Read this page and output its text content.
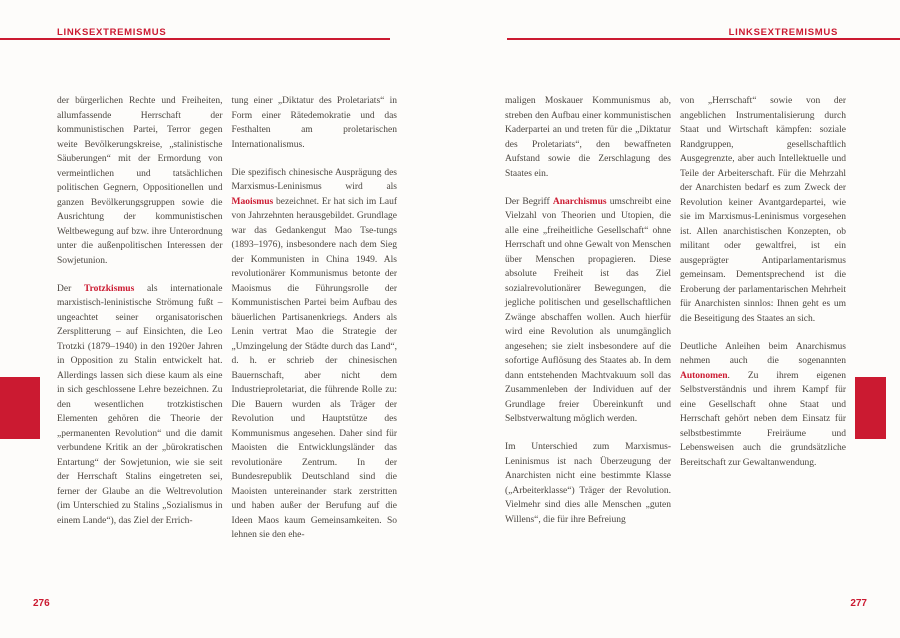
LINKSEXTREMISMUS	LINKSEXTREMISMUS

der bürgerlichen Rechte und Freiheiten, allumfassende Herrschaft der kommunistischen Partei, Terror gegen weite Bevölkerungskreise, „stalinistische Säuberungen“ mit der Ermordung von vermeintlichen und tatsächlichen politischen Gegnern, Oppositionellen und ganzen Bevölkerungsgruppen sowie die Ausrichtung der kommunistischen Weltbewegung auf bzw. ihre Unterordnung unter die außenpolitischen Interessen der Sowjetunion.

Der Trotzkismus als internationale marxistisch-leninistische Strömung fußt – ungeachtet seiner organisatorischen Zersplitterung – auf Einsichten, die Leo Trotzki (1879–1940) in den 1920er Jahren in Opposition zu Stalin entwickelt hat. Allerdings lassen sich diese kaum als eine in sich geschlossene Lehre bezeichnen. Zu den wesentlichen trotzkistischen Elementen gehören die Theorie der „permanenten Revolution“ und die damit verbundene Kritik an der „bürokratischen Entartung“ der Sowjetunion, wie sie seit der Herrschaft Stalins eingetreten sei, ferner der Glaube an die Weltrevolution (im Unterschied zu Stalins „Sozialismus in einem Lande“), das Ziel der Errich-

tung einer „Diktatur des Proletariats“ in Form einer Rätedemokratie und das Festhalten am proletarischen Internationalismus.

Die spezifisch chinesische Ausprägung des Marxismus-Leninismus wird als Maoismus bezeichnet. Er hat sich im Lauf von Jahrzehnten herausgebildet. Grundlage war das Gedankengut Mao Tse-tungs (1893–1976), insbesondere nach dem Sieg der Kommunisten in China 1949. Als revolutionärer Kommunismus betonte der Maoismus die Führungsrolle der Kommunistischen Partei beim Aufbau des bäuerlichen Partisanenkriegs. Anders als Lenin vertrat Mao die Strategie der „Umzingelung der Städte durch das Land“, d. h. er schrieb der chinesischen Bauernschaft, aber nicht dem Industrieproletariat, die führende Rolle zu: Die Bauern wurden als Träger der Revolution und Hauptstütze des Kommunismus angesehen. Daher sind für Maoisten die Entwicklungsländer das revolutionäre Zentrum. In der Bundesrepublik Deutschland sind die Maoisten untereinander stark zerstritten und haben außer der Berufung auf die Ideen Maos kaum Gemeinsamkeiten. So lehnen sie den ehe-

maligen Moskauer Kommunismus ab, streben den Aufbau einer kommunistischen Kaderpartei an und treten für die „Diktatur des Proletariats“, den bewaffneten Aufstand sowie die Zerschlagung des Staates ein.

Der Begriff Anarchismus umschreibt eine Vielzahl von Theorien und Utopien, die alle eine „freiheitliche Gesellschaft“ ohne Herrschaft und ohne Gewalt von Menschen über Menschen propagieren. Diese absolute Freiheit ist das Ziel sozialrevolutionärer Bewegungen, die jegliche politischen und gesellschaftlichen Zwänge abschaffen wollen. Auch hierfür wird eine Revolution als unumgänglich angesehen; sie zielt insbesondere auf die sofortige Auflösung des Staates ab. In dem dann entstehenden Machtvakuum soll das Zusammenleben der Individuen auf der Grundlage freier Übereinkunft und Selbstverwaltung möglich werden.

Im Unterschied zum Marxismus-Leninismus ist nach Überzeugung der Anarchisten nicht eine bestimmte Klasse („Arbeiterklasse“) Träger der Revolution. Vielmehr sind dies alle Menschen „guten Willens“, die für ihre Befreiung

von „Herrschaft“ sowie von der angeblichen Instrumentalisierung durch Staat und Wirtschaft kämpfen: soziale Randgruppen, gesellschaftlich Ausgegrenzte, aber auch Intellektuelle und Teile der Arbeiterschaft. Für die Mehrzahl der Anarchisten bedarf es zum Zweck der Revolution keiner Avantgardepartei, wie sie im Marxismus-Leninismus vorgesehen ist. Allen anarchistischen Konzepten, ob militant oder gewaltfrei, ist ein ausgeprägter Antiparlamentarismus gemeinsam. Dementsprechend ist die Eroberung der parlamentarischen Mehrheit für Anarchisten sinnlos: Ihnen geht es um die Beseitigung des Staates an sich.

Deutliche Anleihen beim Anarchismus nehmen auch die sogenannten Autonomen. Zu ihrem eigenen Selbstverständnis und ihrem Kampf für eine Gesellschaft ohne Staat und Herrschaft gehört neben dem Einsatz für selbstbestimmte Freiräume und Lebensweisen auch die grundsätzliche Bereitschaft zur Gewaltanwendung.

276	277
